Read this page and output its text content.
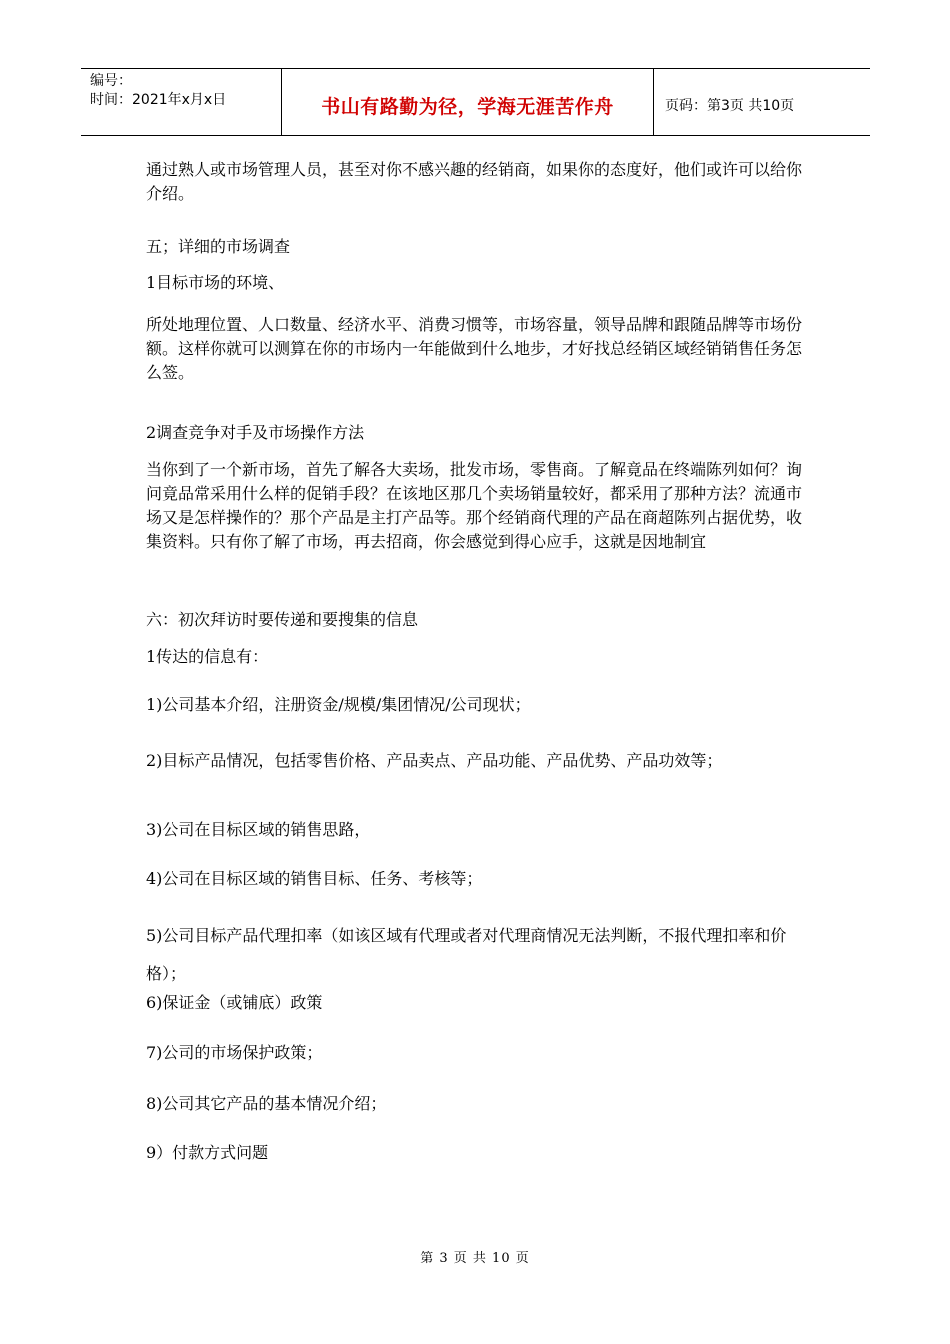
编号：
时间：2021年x月x日	书山有路勤为径，学海无涯苦作舟	页码：第3页 共10页

通过熟人或市场管理人员，甚至对你不感兴趣的经销商，如果你的态度好，他们或许可以给你介绍。

五；详细的市场调查

1目标市场的环境、

所处地理位置、人口数量、经济水平、消费习惯等，市场容量，领导品牌和跟随品牌等市场份额。这样你就可以测算在你的市场内一年能做到什么地步，才好找总经销区域经销销售任务怎么签。

2调查竞争对手及市场操作方法

当你到了一个新市场，首先了解各大卖场，批发市场，零售商。了解竟品在终端陈列如何？询问竟品常采用什么样的促销手段？在该地区那几个卖场销量较好，都采用了那种方法？流通市场又是怎样操作的？那个产品是主打产品等。那个经销商代理的产品在商超陈列占据优势，收集资料。只有你了解了市场，再去招商，你会感觉到得心应手，这就是因地制宜

六：初次拜访时要传递和要搜集的信息

1传达的信息有：

1)公司基本介绍，注册资金/规模/集团情况/公司现状；

2)目标产品情况，包括零售价格、产品卖点、产品功能、产品优势、产品功效等；

3)公司在目标区域的销售思路，

4)公司在目标区域的销售目标、任务、考核等；

5)公司目标产品代理扣率（如该区域有代理或者对代理商情况无法判断，不报代理扣率和价格）；

6)保证金（或铺底）政策

7)公司的市场保护政策；

8)公司其它产品的基本情况介绍；

9）付款方式问题

第 3 页 共 10 页
